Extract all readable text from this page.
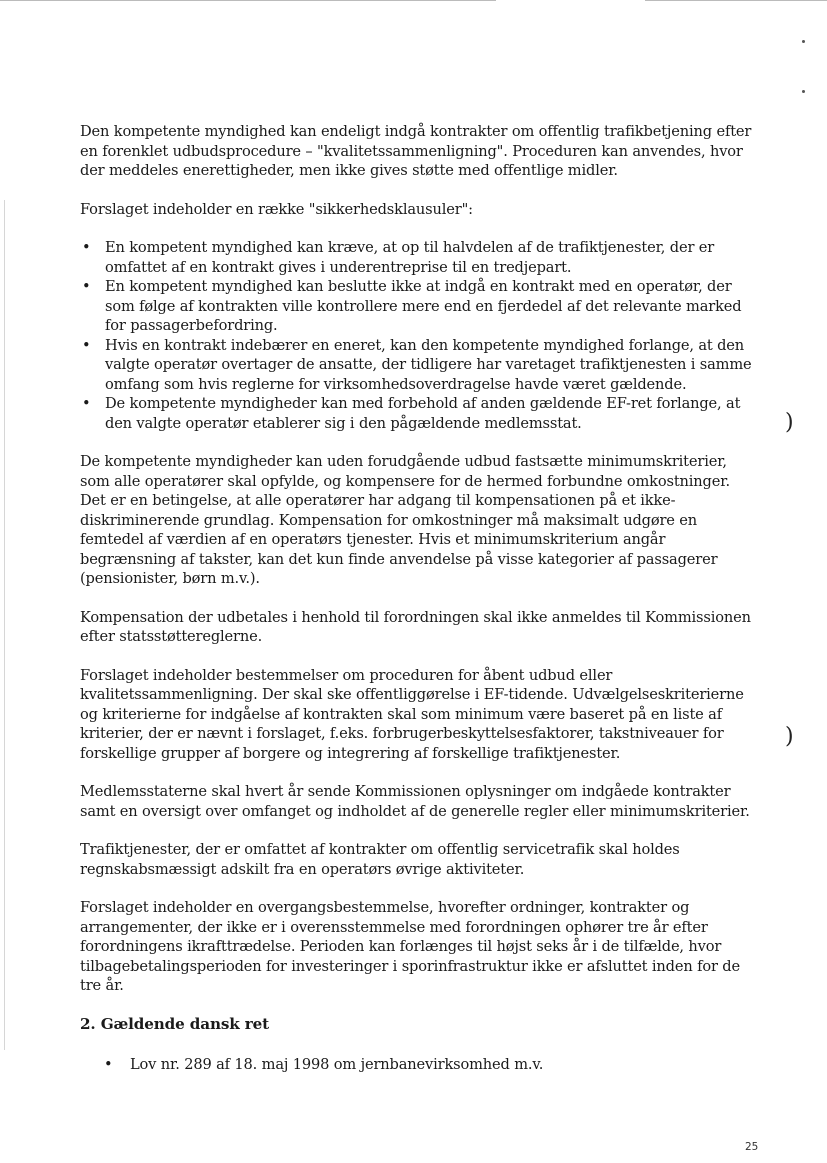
)
)

Den kompetente myndighed kan endeligt indgå kontrakter om offentlig trafikbetjening efter en forenklet udbudsprocedure – "kvalitetssammenligning". Proceduren kan anvendes, hvor der meddeles enerettigheder, men ikke gives støtte med offentlige midler.

Forslaget indeholder en række "sikkerhedsklausuler":

• En kompetent myndighed kan kræve, at op til halvdelen af de trafiktjenester, der er omfattet af en kontrakt gives i underentreprise til en tredjepart.
• En kompetent myndighed kan beslutte ikke at indgå en kontrakt med en operatør, der som følge af kontrakten ville kontrollere mere end en fjerdedel af det relevante marked for passagerbefordring.
• Hvis en kontrakt indebærer en eneret, kan den kompetente myndighed forlange, at den valgte operatør overtager de ansatte, der tidligere har varetaget trafiktjenesten i samme omfang som hvis reglerne for virksomhedsoverdragelse havde været gældende.
• De kompetente myndigheder kan med forbehold af anden gældende EF-ret forlange, at den valgte operatør etablerer sig i den pågældende medlemsstat.

De kompetente myndigheder kan uden forudgående udbud fastsætte minimumskriterier, som alle operatører skal opfylde, og kompensere for de hermed forbundne omkostninger. Det er en betingelse, at alle operatører har adgang til kompensationen på et ikke-diskriminerende grundlag. Kompensation for omkostninger må maksimalt udgøre en femtedel af værdien af en operatørs tjenester. Hvis et minimumskriterium angår begrænsning af takster, kan det kun finde anvendelse på visse kategorier af passagerer (pensionister, børn m.v.).

Kompensation der udbetales i henhold til forordningen skal ikke anmeldes til Kommissionen efter statsstøttereglerne.

Forslaget indeholder bestemmelser om proceduren for åbent udbud eller kvalitetssammenligning. Der skal ske offentliggørelse i EF-tidende. Udvælgelseskriterierne og kriterierne for indgåelse af kontrakten skal som minimum være baseret på en liste af kriterier, der er nævnt i forslaget, f.eks. forbrugerbeskyttelsesfaktorer, takstniveauer for forskellige grupper af borgere og integrering af forskellige trafiktjenester.

Medlemsstaterne skal hvert år sende Kommissionen oplysninger om indgåede kontrakter samt en oversigt over omfanget og indholdet af de generelle regler eller minimumskriterier.

Trafiktjenester, der er omfattet af kontrakter om offentlig servicetrafik skal holdes regnskabsmæssigt adskilt fra en operatørs øvrige aktiviteter.

Forslaget indeholder en overgangsbestemmelse, hvorefter ordninger, kontrakter og arrangementer, der ikke er i overensstemmelse med forordningen ophører tre år efter forordningens ikrafttrædelse. Perioden kan forlænges til højst seks år i de tilfælde, hvor tilbagebetalingsperioden for investeringer i sporinfrastruktur ikke er afsluttet inden for de tre år.

2. Gældende dansk ret
• Lov nr. 289 af 18. maj 1998 om jernbanevirksomhed m.v.
25
